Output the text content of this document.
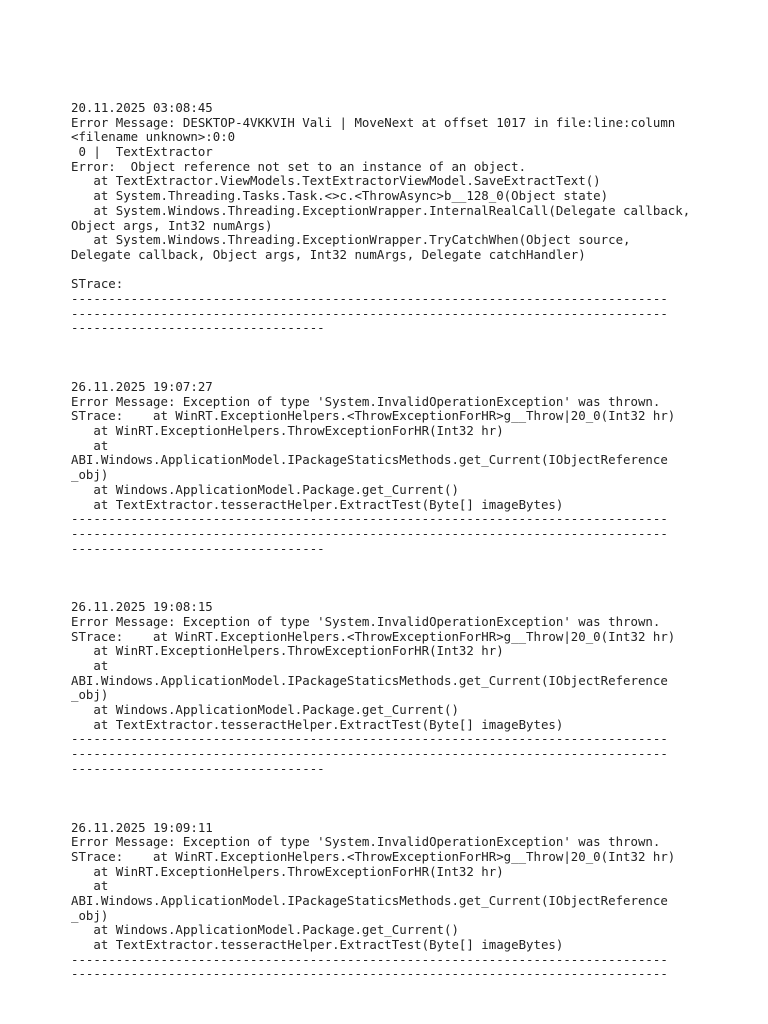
20.11.2025 03:08:45
Error Message: DESKTOP-4VKKVIH Vali | MoveNext at offset 1017 in file:line:column
<filename unknown>:0:0
0 |  TextExtractor
Error:  Object reference not set to an instance of an object.
at TextExtractor.ViewModels.TextExtractorViewModel.SaveExtractText()
at System.Threading.Tasks.Task.<>c.<ThrowAsync>b__128_0(Object state)
at System.Windows.Threading.ExceptionWrapper.InternalRealCall(Delegate callback,
Object args, Int32 numArgs)
at System.Windows.Threading.ExceptionWrapper.TryCatchWhen(Object source,
Delegate callback, Object args, Int32 numArgs, Delegate catchHandler)
STrace:
--------------------------------------------------------------------------------
--------------------------------------------------------------------------------
----------------------------------
26.11.2025 19:07:27
Error Message: Exception of type 'System.InvalidOperationException' was thrown.
STrace:    at WinRT.ExceptionHelpers.<ThrowExceptionForHR>g__Throw|20_0(Int32 hr)
at WinRT.ExceptionHelpers.ThrowExceptionForHR(Int32 hr)
at
ABI.Windows.ApplicationModel.IPackageStaticsMethods.get_Current(IObjectReference
_obj)
at Windows.ApplicationModel.Package.get_Current()
at TextExtractor.tesseractHelper.ExtractTest(Byte[] imageBytes)
--------------------------------------------------------------------------------
--------------------------------------------------------------------------------
----------------------------------
26.11.2025 19:08:15
Error Message: Exception of type 'System.InvalidOperationException' was thrown.
STrace:    at WinRT.ExceptionHelpers.<ThrowExceptionForHR>g__Throw|20_0(Int32 hr)
at WinRT.ExceptionHelpers.ThrowExceptionForHR(Int32 hr)
at
ABI.Windows.ApplicationModel.IPackageStaticsMethods.get_Current(IObjectReference
_obj)
at Windows.ApplicationModel.Package.get_Current()
at TextExtractor.tesseractHelper.ExtractTest(Byte[] imageBytes)
--------------------------------------------------------------------------------
--------------------------------------------------------------------------------
----------------------------------
26.11.2025 19:09:11
Error Message: Exception of type 'System.InvalidOperationException' was thrown.
STrace:    at WinRT.ExceptionHelpers.<ThrowExceptionForHR>g__Throw|20_0(Int32 hr)
at WinRT.ExceptionHelpers.ThrowExceptionForHR(Int32 hr)
at
ABI.Windows.ApplicationModel.IPackageStaticsMethods.get_Current(IObjectReference
_obj)
at Windows.ApplicationModel.Package.get_Current()
at TextExtractor.tesseractHelper.ExtractTest(Byte[] imageBytes)
--------------------------------------------------------------------------------
--------------------------------------------------------------------------------
